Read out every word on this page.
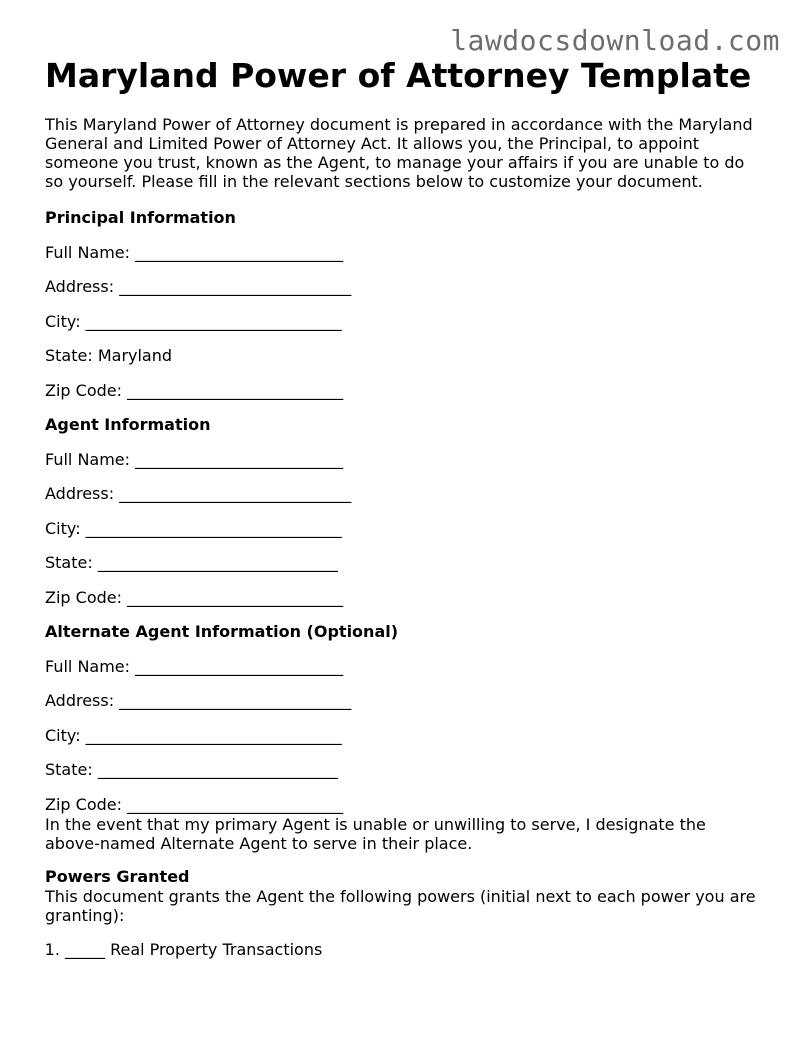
lawdocsdownload.com
Maryland Power of Attorney Template

This Maryland Power of Attorney document is prepared in accordance with the Maryland General and Limited Power of Attorney Act. It allows you, the Principal, to appoint someone you trust, known as the Agent, to manage your affairs if you are unable to do so yourself. Please fill in the relevant sections below to customize your document.

Principal Information

Full Name: __________________________

Address: _____________________________

City: ________________________________

State: Maryland

Zip Code: ___________________________

Agent Information

Full Name: __________________________

Address: _____________________________

City: ________________________________

State: ______________________________

Zip Code: ___________________________

Alternate Agent Information (Optional)

Full Name: __________________________

Address: _____________________________

City: ________________________________

State: ______________________________

Zip Code: ___________________________

In the event that my primary Agent is unable or unwilling to serve, I designate the above-named Alternate Agent to serve in their place.

Powers Granted

This document grants the Agent the following powers (initial next to each power you are granting):

1. _____ Real Property Transactions
